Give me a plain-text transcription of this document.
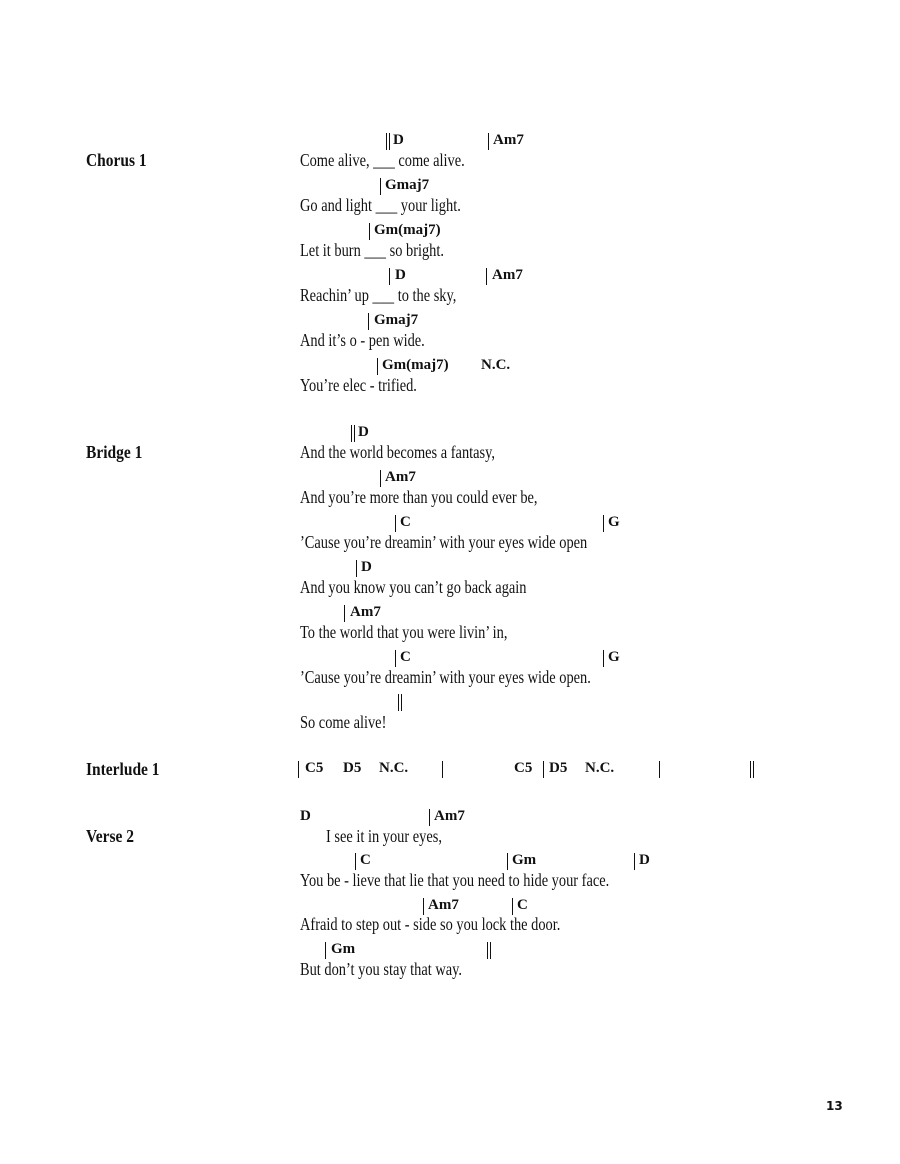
Chorus 1
D	Am7
Come alive, ___ come alive.
Gmaj7
Go and light ___ your light.
Gm(maj7)
Let it burn ___ so bright.
D	Am7
Reachin’ up ___ to the sky,
Gmaj7
And it’s o - pen wide.
Gm(maj7) N.C.
You’re elec - trified.
Bridge 1
D
And the world becomes a fantasy,
Am7
And you’re more than you could ever be,
C	G
’Cause you’re dreamin’ with your eyes wide open
D
And you know you can’t go back again
Am7
To the world that you were livin’ in,
C	G
’Cause you’re dreamin’ with your eyes wide open.
So come alive!
Interlude 1	C5 D5 N.C.	C5 D5 N.C.
Verse 2
D	Am7
I see it in your eyes,
C	Gm	D
You be - lieve that lie that you need to hide your face.
Am7	C
Afraid to step out - side so you lock the door.
Gm
But don’t you stay that way.
13
